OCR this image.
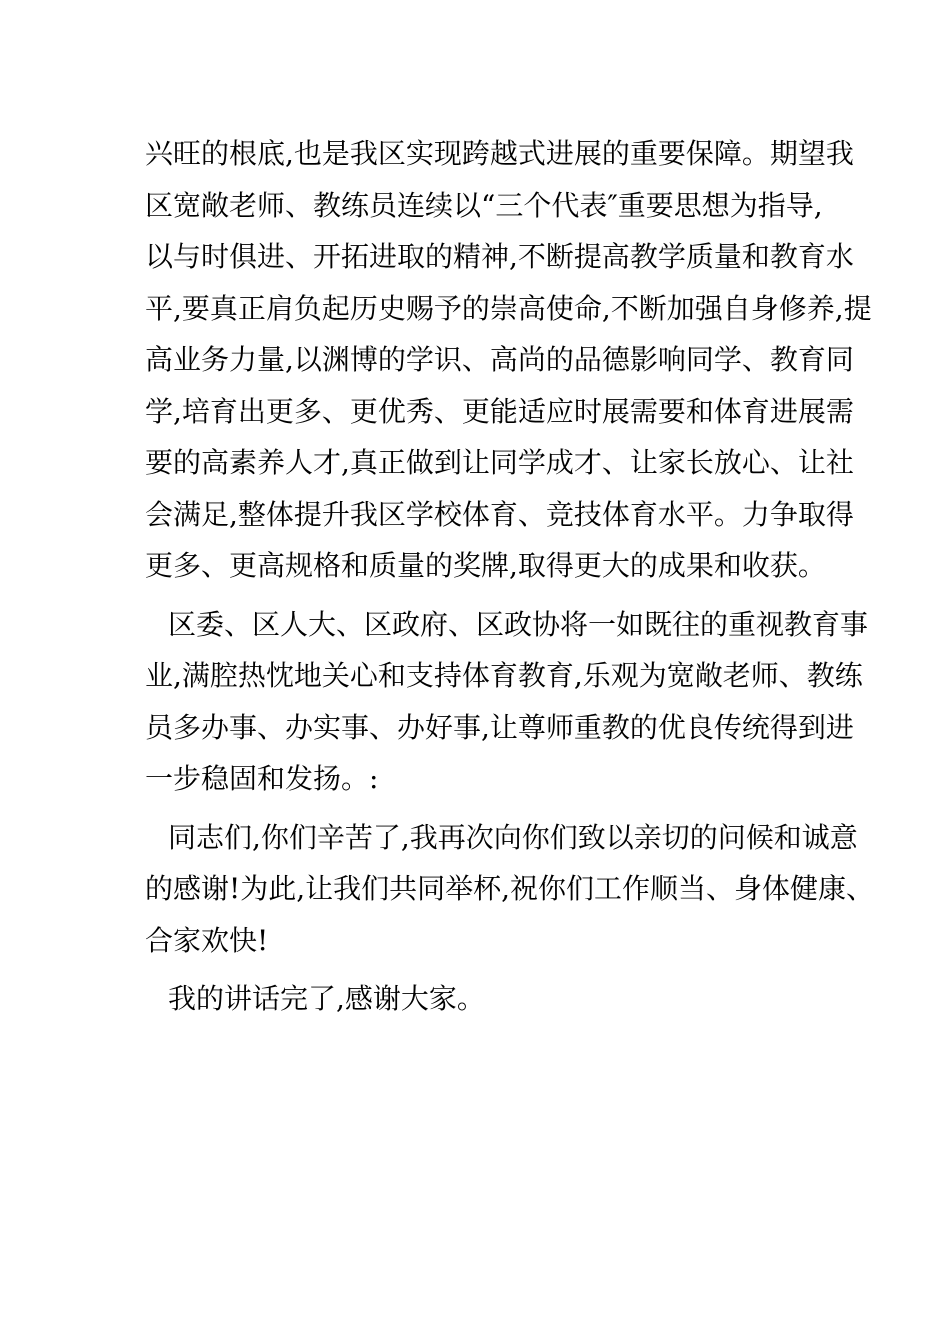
兴旺的根底,也是我区实现跨越式进展的重要保障。期望我
区宽敞老师、教练员连续以“三个代表″重要思想为指导,
以与时俱进、开拓进取的精神,不断提高教学质量和教育水
平,要真正肩负起历史赐予的崇高使命,不断加强自身修养,提
高业务力量,以渊博的学识、高尚的品德影响同学、教育同
学,培育出更多、更优秀、更能适应时展需要和体育进展需
要的高素养人才,真正做到让同学成才、让家长放心、让社
会满足,整体提升我区学校体育、竞技体育水平。力争取得
更多、更高规格和质量的奖牌,取得更大的成果和收获。
区委、区人大、区政府、区政协将一如既往的重视教育事
业,满腔热忱地关心和支持体育教育,乐观为宽敞老师、教练
员多办事、办实事、办好事,让尊师重教的优良传统得到进
一步稳固和发扬。:
同志们,你们辛苦了,我再次向你们致以亲切的问候和诚意
的感谢!为此,让我们共同举杯,祝你们工作顺当、身体健康、
合家欢快!
我的讲话完了,感谢大家。
